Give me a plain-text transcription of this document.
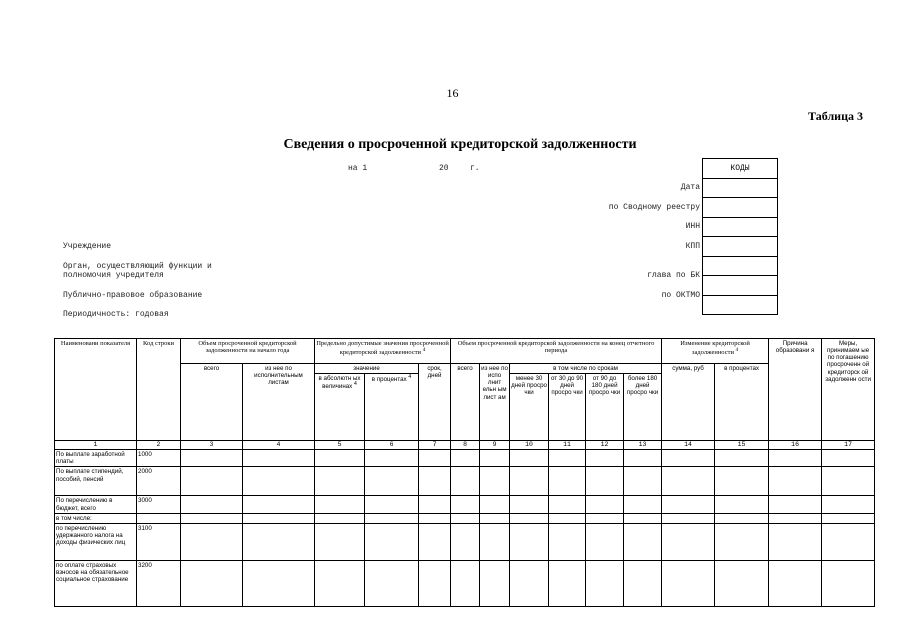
16
Таблица 3
Сведения о просроченной кредиторской задолженности
на 1	20	г.	КОДЫ

Дата
по Сводному реестру
ИНН
КПП
глава по БК
по ОКТМО
Учреждение
Орган, осуществляющий функции и
полномочия учредителя
Публично-правовое образование
Периодичность: годовая
Наименовани показателя	Код строки	Объем просроченной кредиторской задолженности на начало года		Предельно допустимые значения просроченной кредиторской задолженности $^4$			Объем просроченной кредиторской задолженности на конец отчетного периода						Изменение кредиторской задолженности $^4$		Причина образовани я	Меры, принимаем ые по погашению просроченн ой кредиторск ой задолженн ости
		всего	из нее по исполнительным листам	значение		срок, дней	всего	из нее по испо лнит ельн ым лист ам	в том числе по срокам				сумма, руб	в процентах		
				в абсолютн ых величинах $^4$	в процентах $^4$				менее 30 дней просро чки	от 30 до 90 дней просро чки	от 90 до 180 дней просро чки	более 180 дней просро чки				

1	2	3	4	5	6	7	8	9	10	11	12	13	14	15	16	17
По выплате заработной платы	1000															
По выплате стипендий, пособий, пенсий	2000															
По перечислению в бюджет, всего	3000															
в том числе:																
по перечислению удержанного налога на доходы физических лиц	3100															
по оплате страховых взносов на обязательное социальное страхование	3200															
